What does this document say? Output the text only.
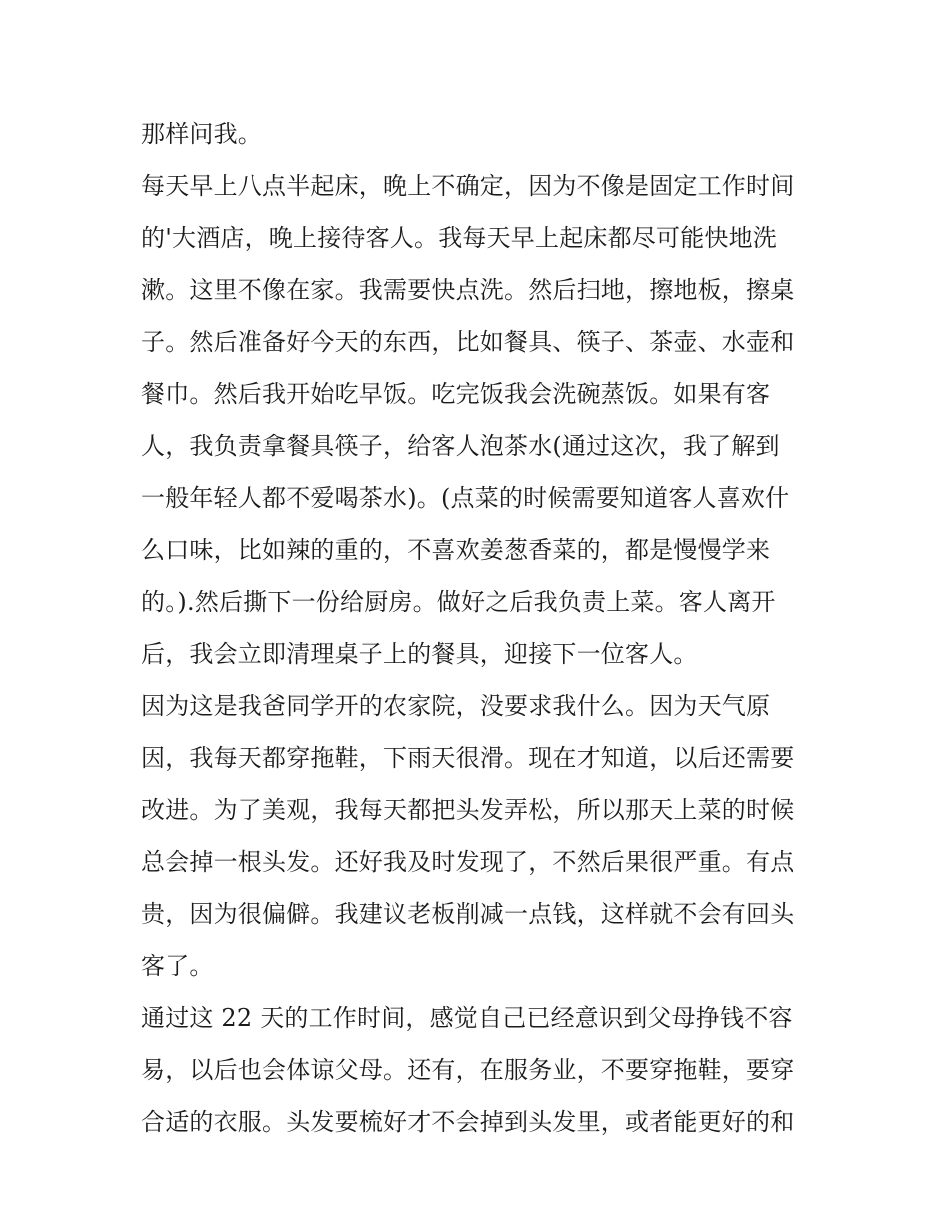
那样问我。
每天早上八点半起床，晚上不确定，因为不像是固定工作时间
的'大酒店，晚上接待客人。我每天早上起床都尽可能快地洗
漱。这里不像在家。我需要快点洗。然后扫地，擦地板，擦桌
子。然后准备好今天的东西，比如餐具、筷子、茶壶、水壶和
餐巾。然后我开始吃早饭。吃完饭我会洗碗蒸饭。如果有客
人，我负责拿餐具筷子，给客人泡茶水(通过这次，我了解到
一般年轻人都不爱喝茶水)。(点菜的时候需要知道客人喜欢什
么口味，比如辣的重的，不喜欢姜葱香菜的，都是慢慢学来
的。).然后撕下一份给厨房。做好之后我负责上菜。客人离开
后，我会立即清理桌子上的餐具，迎接下一位客人。
因为这是我爸同学开的农家院，没要求我什么。因为天气原
因，我每天都穿拖鞋，下雨天很滑。现在才知道，以后还需要
改进。为了美观，我每天都把头发弄松，所以那天上菜的时候
总会掉一根头发。还好我及时发现了，不然后果很严重。有点
贵，因为很偏僻。我建议老板削减一点钱，这样就不会有回头
客了。
通过这 22 天的工作时间，感觉自己已经意识到父母挣钱不容
易，以后也会体谅父母。还有，在服务业，不要穿拖鞋，要穿
合适的衣服。头发要梳好才不会掉到头发里，或者能更好的和
